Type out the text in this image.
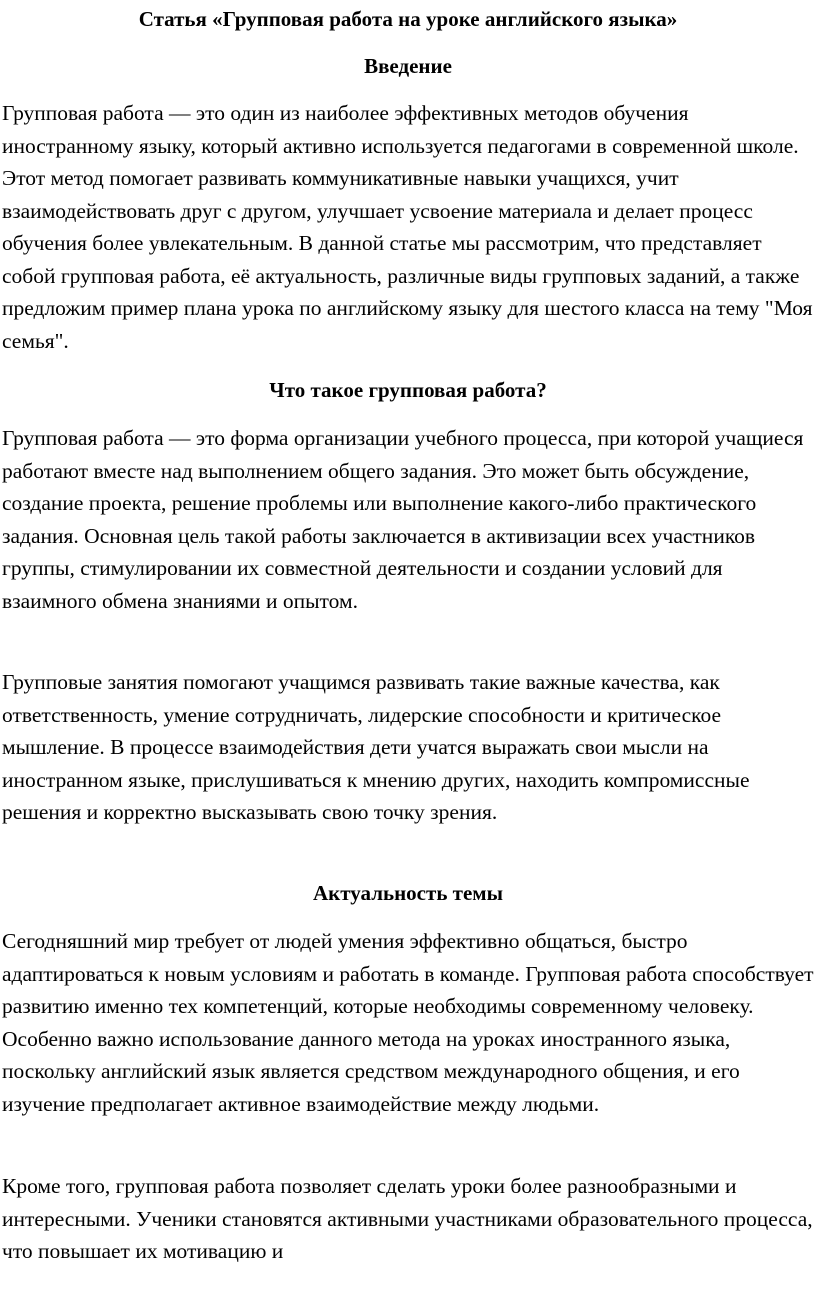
Статья «Групповая работа на уроке английского языка»
Введение

Групповая работа — это один из наиболее эффективных методов обучения иностранному языку, который активно используется педагогами в современной школе. Этот метод помогает развивать коммуникативные навыки учащихся, учит взаимодействовать друг с другом, улучшает усвоение материала и делает процесс обучения более увлекательным. В данной статье мы рассмотрим, что представляет собой групповая работа, её актуальность, различные виды групповых заданий, а также предложим пример плана урока по английскому языку для шестого класса на тему "Моя семья".

Что такое групповая работа?

Групповая работа — это форма организации учебного процесса, при которой учащиеся работают вместе над выполнением общего задания. Это может быть обсуждение, создание проекта, решение проблемы или выполнение какого-либо практического задания. Основная цель такой работы заключается в активизации всех участников группы, стимулировании их совместной деятельности и создании условий для взаимного обмена знаниями и опытом.

Групповые занятия помогают учащимся развивать такие важные качества, как ответственность, умение сотрудничать, лидерские способности и критическое мышление. В процессе взаимодействия дети учатся выражать свои мысли на иностранном языке, прислушиваться к мнению других, находить компромиссные решения и корректно высказывать свою точку зрения.

Актуальность темы

Сегодняшний мир требует от людей умения эффективно общаться, быстро адаптироваться к новым условиям и работать в команде. Групповая работа способствует развитию именно тех компетенций, которые необходимы современному человеку. Особенно важно использование данного метода на уроках иностранного языка, поскольку английский язык является средством международного общения, и его изучение предполагает активное взаимодействие между людьми.

Кроме того, групповая работа позволяет сделать уроки более разнообразными и интересными. Ученики становятся активными участниками образовательного процесса, что повышает их мотивацию и
